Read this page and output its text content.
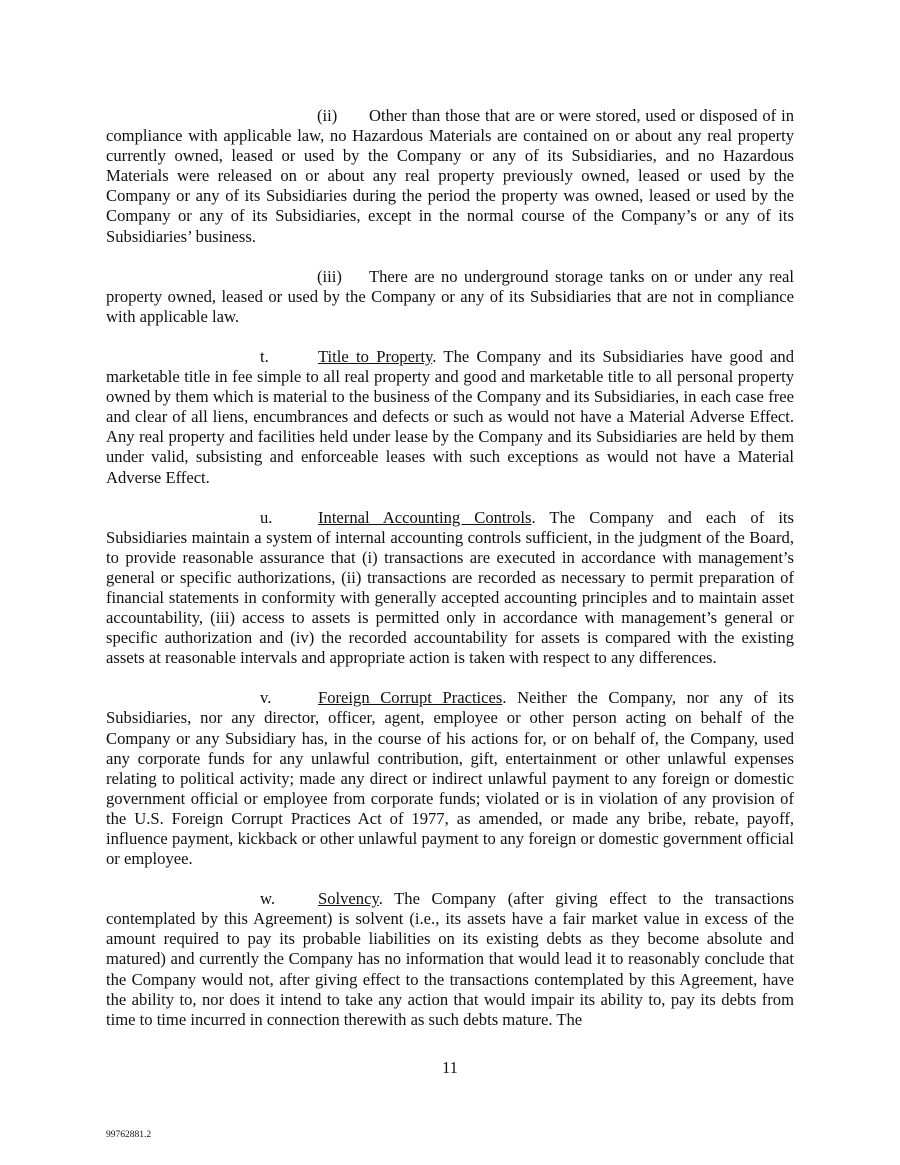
(ii) Other than those that are or were stored, used or disposed of in compliance with applicable law, no Hazardous Materials are contained on or about any real property currently owned, leased or used by the Company or any of its Subsidiaries, and no Hazardous Materials were released on or about any real property previously owned, leased or used by the Company or any of its Subsidiaries during the period the property was owned, leased or used by the Company or any of its Subsidiaries, except in the normal course of the Company’s or any of its Subsidiaries’ business.

(iii) There are no underground storage tanks on or under any real property owned, leased or used by the Company or any of its Subsidiaries that are not in compliance with applicable law.

t.	Title to Property. The Company and its Subsidiaries have good and marketable title in fee simple to all real property and good and marketable title to all personal property owned by them which is material to the business of the Company and its Subsidiaries, in each case free and clear of all liens, encumbrances and defects or such as would not have a Material Adverse Effect. Any real property and facilities held under lease by the Company and its Subsidiaries are held by them under valid, subsisting and enforceable leases with such exceptions as would not have a Material Adverse Effect.

u.	Internal Accounting Controls. The Company and each of its Subsidiaries maintain a system of internal accounting controls sufficient, in the judgment of the Board, to provide reasonable assurance that (i) transactions are executed in accordance with management’s general or specific authorizations, (ii) transactions are recorded as necessary to permit preparation of financial statements in conformity with generally accepted accounting principles and to maintain asset accountability, (iii) access to assets is permitted only in accordance with management’s general or specific authorization and (iv) the recorded accountability for assets is compared with the existing assets at reasonable intervals and appropriate action is taken with respect to any differences.

v.	Foreign Corrupt Practices. Neither the Company, nor any of its Subsidiaries, nor any director, officer, agent, employee or other person acting on behalf of the Company or any Subsidiary has, in the course of his actions for, or on behalf of, the Company, used any corporate funds for any unlawful contribution, gift, entertainment or other unlawful expenses relating to political activity; made any direct or indirect unlawful payment to any foreign or domestic government official or employee from corporate funds; violated or is in violation of any provision of the U.S. Foreign Corrupt Practices Act of 1977, as amended, or made any bribe, rebate, payoff, influence payment, kickback or other unlawful payment to any foreign or domestic government official or employee.

w.	Solvency. The Company (after giving effect to the transactions contemplated by this Agreement) is solvent (i.e., its assets have a fair market value in excess of the amount required to pay its probable liabilities on its existing debts as they become absolute and matured) and currently the Company has no information that would lead it to reasonably conclude that the Company would not, after giving effect to the transactions contemplated by this Agreement, have the ability to, nor does it intend to take any action that would impair its ability to, pay its debts from time to time incurred in connection therewith as such debts mature. The

11
99762881.2
